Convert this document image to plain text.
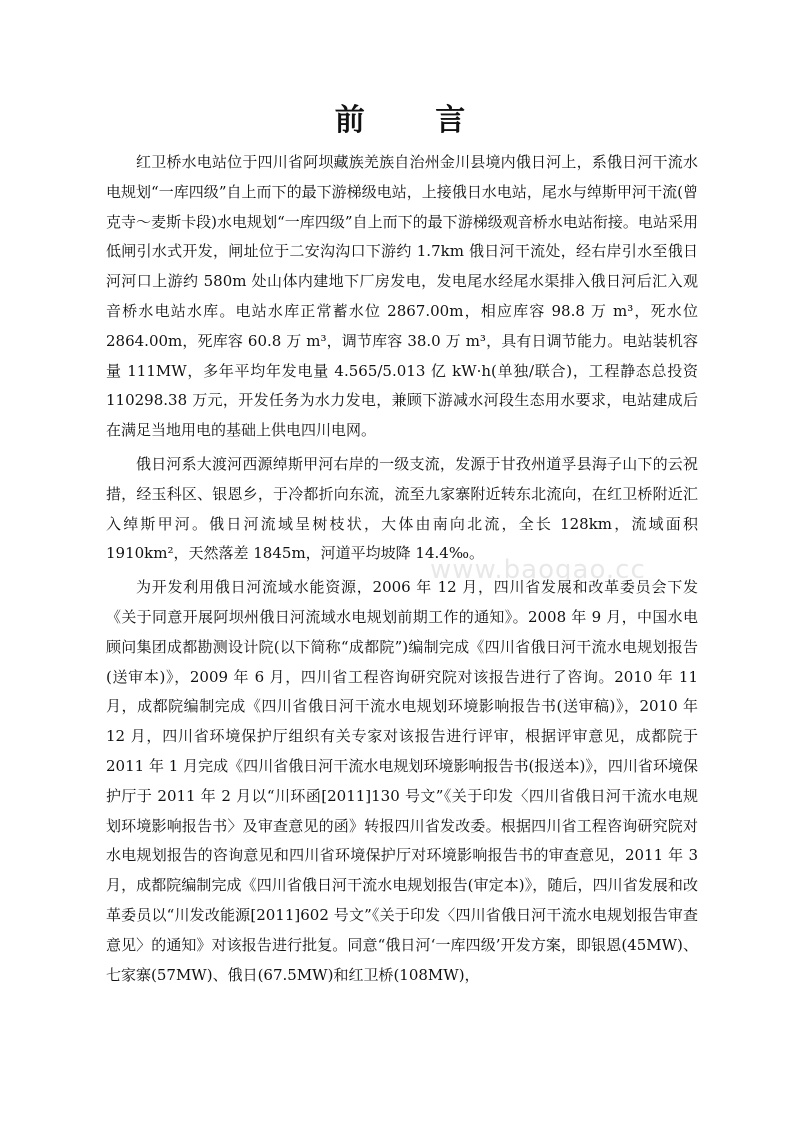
前 言

红卫桥水电站位于四川省阿坝藏族羌族自治州金川县境内俄日河上，系俄日河干流水电规划“一库四级”自上而下的最下游梯级电站，上接俄日水电站，尾水与绰斯甲河干流(曾克寺～麦斯卡段)水电规划“一库四级”自上而下的最下游梯级观音桥水电站衔接。电站采用低闸引水式开发，闸址位于二安沟沟口下游约 1.7km 俄日河干流处，经右岸引水至俄日河河口上游约 580m 处山体内建地下厂房发电，发电尾水经尾水渠排入俄日河后汇入观音桥水电站水库。电站水库正常蓄水位 2867.00m，相应库容 98.8 万 m³，死水位 2864.00m，死库容 60.8 万 m³，调节库容 38.0 万 m³，具有日调节能力。电站装机容量 111MW，多年平均年发电量 4.565/5.013 亿 kW·h(单独/联合)，工程静态总投资 110298.38 万元，开发任务为水力发电，兼顾下游减水河段生态用水要求，电站建成后在满足当地用电的基础上供电四川电网。

俄日河系大渡河西源绰斯甲河右岸的一级支流，发源于甘孜州道孚县海子山下的云祝措，经玉科区、银恩乡，于冷都折向东流，流至九家寨附近转东北流向，在红卫桥附近汇入绰斯甲河。俄日河流域呈树枝状，大体由南向北流，全长 128km，流域面积 1910km²，天然落差 1845m，河道平均坡降 14.4‰。

为开发利用俄日河流域水能资源，2006 年 12 月，四川省发展和改革委员会下发《关于同意开展阿坝州俄日河流域水电规划前期工作的通知》。2008 年 9 月，中国水电顾问集团成都勘测设计院(以下简称“成都院”)编制完成《四川省俄日河干流水电规划报告(送审本)》，2009 年 6 月，四川省工程咨询研究院对该报告进行了咨询。2010 年 11 月，成都院编制完成《四川省俄日河干流水电规划环境影响报告书(送审稿)》，2010 年 12 月，四川省环境保护厅组织有关专家对该报告进行评审，根据评审意见，成都院于 2011 年 1 月完成《四川省俄日河干流水电规划环境影响报告书(报送本)》，四川省环境保护厅于 2011 年 2 月以“川环函[2011]130 号文”《关于印发〈四川省俄日河干流水电规划环境影响报告书〉及审查意见的函》转报四川省发改委。根据四川省工程咨询研究院对水电规划报告的咨询意见和四川省环境保护厅对环境影响报告书的审查意见，2011 年 3 月，成都院编制完成《四川省俄日河干流水电规划报告(审定本)》，随后，四川省发展和改革委员以“川发改能源[2011]602 号文”《关于印发〈四川省俄日河干流水电规划报告审查意见〉的通知》对该报告进行批复。同意“俄日河‘一库四级’开发方案，即银恩(45MW)、七家寨(57MW)、俄日(67.5MW)和红卫桥(108MW)，

www.baogao.cc
